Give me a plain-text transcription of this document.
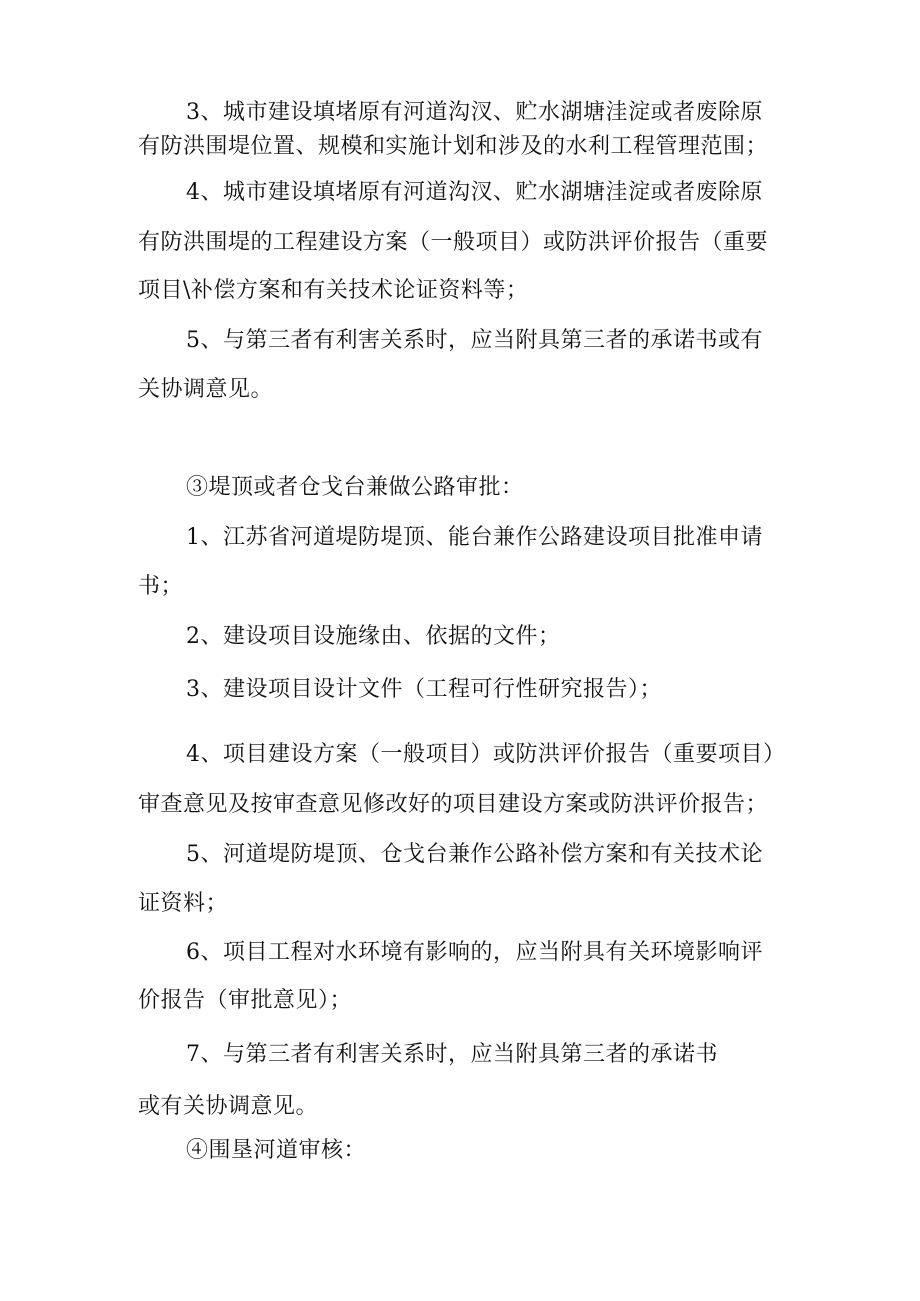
3、城市建设填堵原有河道沟汊、贮水湖塘洼淀或者废除原
有防洪围堤位置、规模和实施计划和涉及的水利工程管理范围；
4、城市建设填堵原有河道沟汊、贮水湖塘洼淀或者废除原
有防洪围堤的工程建设方案（一般项目）或防洪评价报告（重要
项目\补偿方案和有关技术论证资料等；
5、与第三者有利害关系时，应当附具第三者的承诺书或有
关协调意见。
③堤顶或者仓戈台兼做公路审批：
1、江苏省河道堤防堤顶、能台兼作公路建设项目批准申请
书；
2、建设项目设施缘由、依据的文件；
3、建设项目设计文件（工程可行性研究报告）；
4、项目建设方案（一般项目）或防洪评价报告（重要项目）
审查意见及按审查意见修改好的项目建设方案或防洪评价报告；
5、河道堤防堤顶、仓戈台兼作公路补偿方案和有关技术论
证资料；
6、项目工程对水环境有影响的，应当附具有关环境影响评
价报告（审批意见）；
7、与第三者有利害关系时，应当附具第三者的承诺书
或有关协调意见。
④围垦河道审核：
